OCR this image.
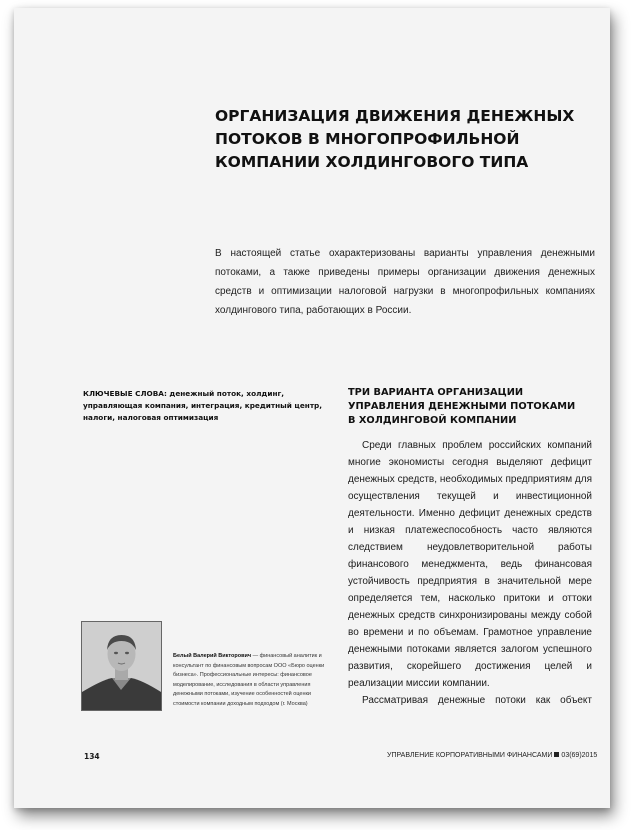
ОРГАНИЗАЦИЯ ДВИЖЕНИЯ ДЕНЕЖНЫХ
ПОТОКОВ В МНОГОПРОФИЛЬНОЙ
КОМПАНИИ ХОЛДИНГОВОГО ТИПА

В настоящей статье охарактеризованы варианты управления денежными потоками, а также приведены примеры организации движения денежных средств и оптимизации налоговой нагрузки в многопрофильных компаниях холдингового типа, работающих в России.

КЛЮЧЕВЫЕ СЛОВА: денежный поток, холдинг, управляющая компания, интеграция, кредитный центр, налоги, налоговая оптимизация

ТРИ ВАРИАНТА ОРГАНИЗАЦИИ
УПРАВЛЕНИЯ ДЕНЕЖНЫМИ ПОТОКАМИ
В ХОЛДИНГОВОЙ КОМПАНИИ

Среди главных проблем российских компаний многие экономисты сегодня выделяют дефицит денежных средств, необходимых предприятиям для осуществления текущей и инвестиционной деятельности. Именно дефицит денежных средств и низкая платежеспособность часто являются следствием неудовлетворительной работы финансового менеджмента, ведь финансовая устойчивость предприятия в значительной мере определяется тем, насколько притоки и оттоки денежных средств синхронизированы между собой во времени и по объемам. Грамотное управление денежными потоками является залогом успешного развития, скорейшего достижения целей и реализации миссии компании.

Рассматривая денежные потоки как объект

Белый Валерий Викторович — финансовый аналитик и консультант по финансовым вопросам ООО «Бюро оценки бизнеса». Профессиональные интересы: финансовое моделирование, исследования в области управления денежными потоками, изучение особенностей оценки стоимости компании доходным подходом (г. Москва)

134	УПРАВЛЕНИЕ КОРПОРАТИВНЫМИ ФИНАНСАМИ 03(69)2015
